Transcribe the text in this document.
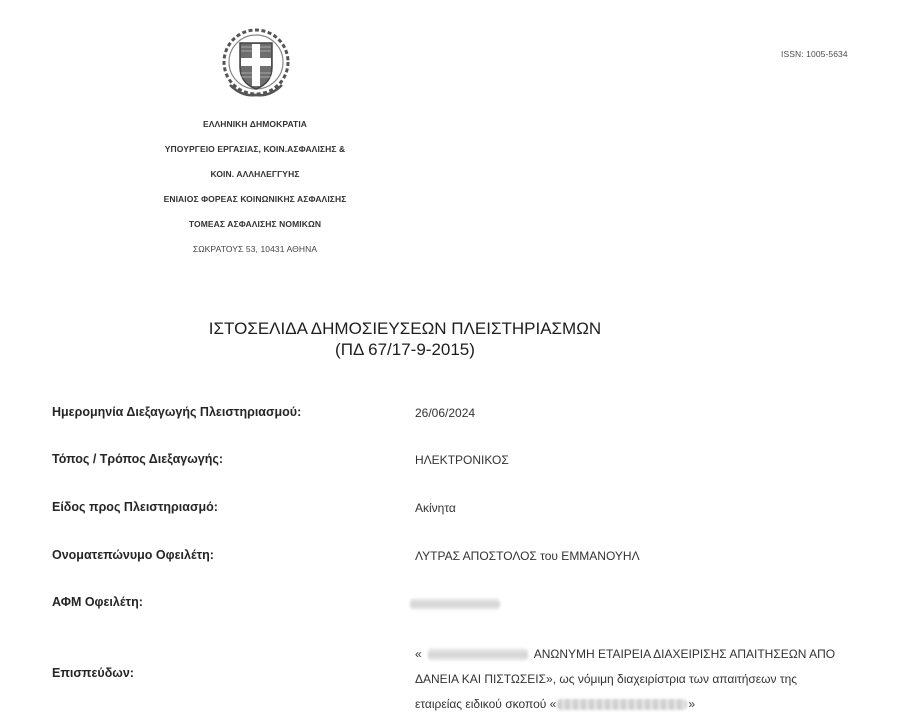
ISSN: 1005-5634
ΕΛΛΗΝΙΚΗ ΔΗΜΟΚΡΑΤΙΑ
ΥΠΟΥΡΓΕΙΟ ΕΡΓΑΣΙΑΣ, ΚΟΙΝ.ΑΣΦΑΛΙΣΗΣ &
ΚΟΙΝ. ΑΛΛΗΛΕΓΓΥΗΣ
ΕΝΙΑΙΟΣ ΦΟΡΕΑΣ ΚΟΙΝΩΝΙΚΗΣ ΑΣΦΑΛΙΣΗΣ
ΤΟΜΕΑΣ ΑΣΦΑΛΙΣΗΣ ΝΟΜΙΚΩΝ
ΣΩΚΡΑΤΟΥΣ 53, 10431 ΑΘΗΝΑ
ΙΣΤΟΣΕΛΙΔΑ ΔΗΜΟΣΙΕΥΣΕΩΝ ΠΛΕΙΣΤΗΡΙΑΣΜΩΝ
(ΠΔ 67/17-9-2015)
Ημερομηνία Διεξαγωγής Πλειστηριασμού:	26/06/2024
Τόπος / Τρόπος Διεξαγωγής:	ΗΛΕΚΤΡΟΝΙΚΟΣ
Είδος προς Πλειστηριασμό:	Ακίνητα
Ονοματεπώνυμο Οφειλέτη:	ΛΥΤΡΑΣ ΑΠΟΣΤΟΛΟΣ του ΕΜΜΑΝΟΥΗΛ
ΑΦΜ Οφειλέτη:
Επισπεύδων:
«	ΑΝΩΝΥΜΗ ΕΤΑΙΡΕΙΑ ΔΙΑΧΕΙΡΙΣΗΣ ΑΠΑΙΤΗΣΕΩΝ ΑΠΟ
ΔΑΝΕΙΑ ΚΑΙ ΠΙΣΤΩΣΕΙΣ», ως νόμιμη διαχειρίστρια των απαιτήσεων της
εταιρείας ειδικού σκοπού «	»
